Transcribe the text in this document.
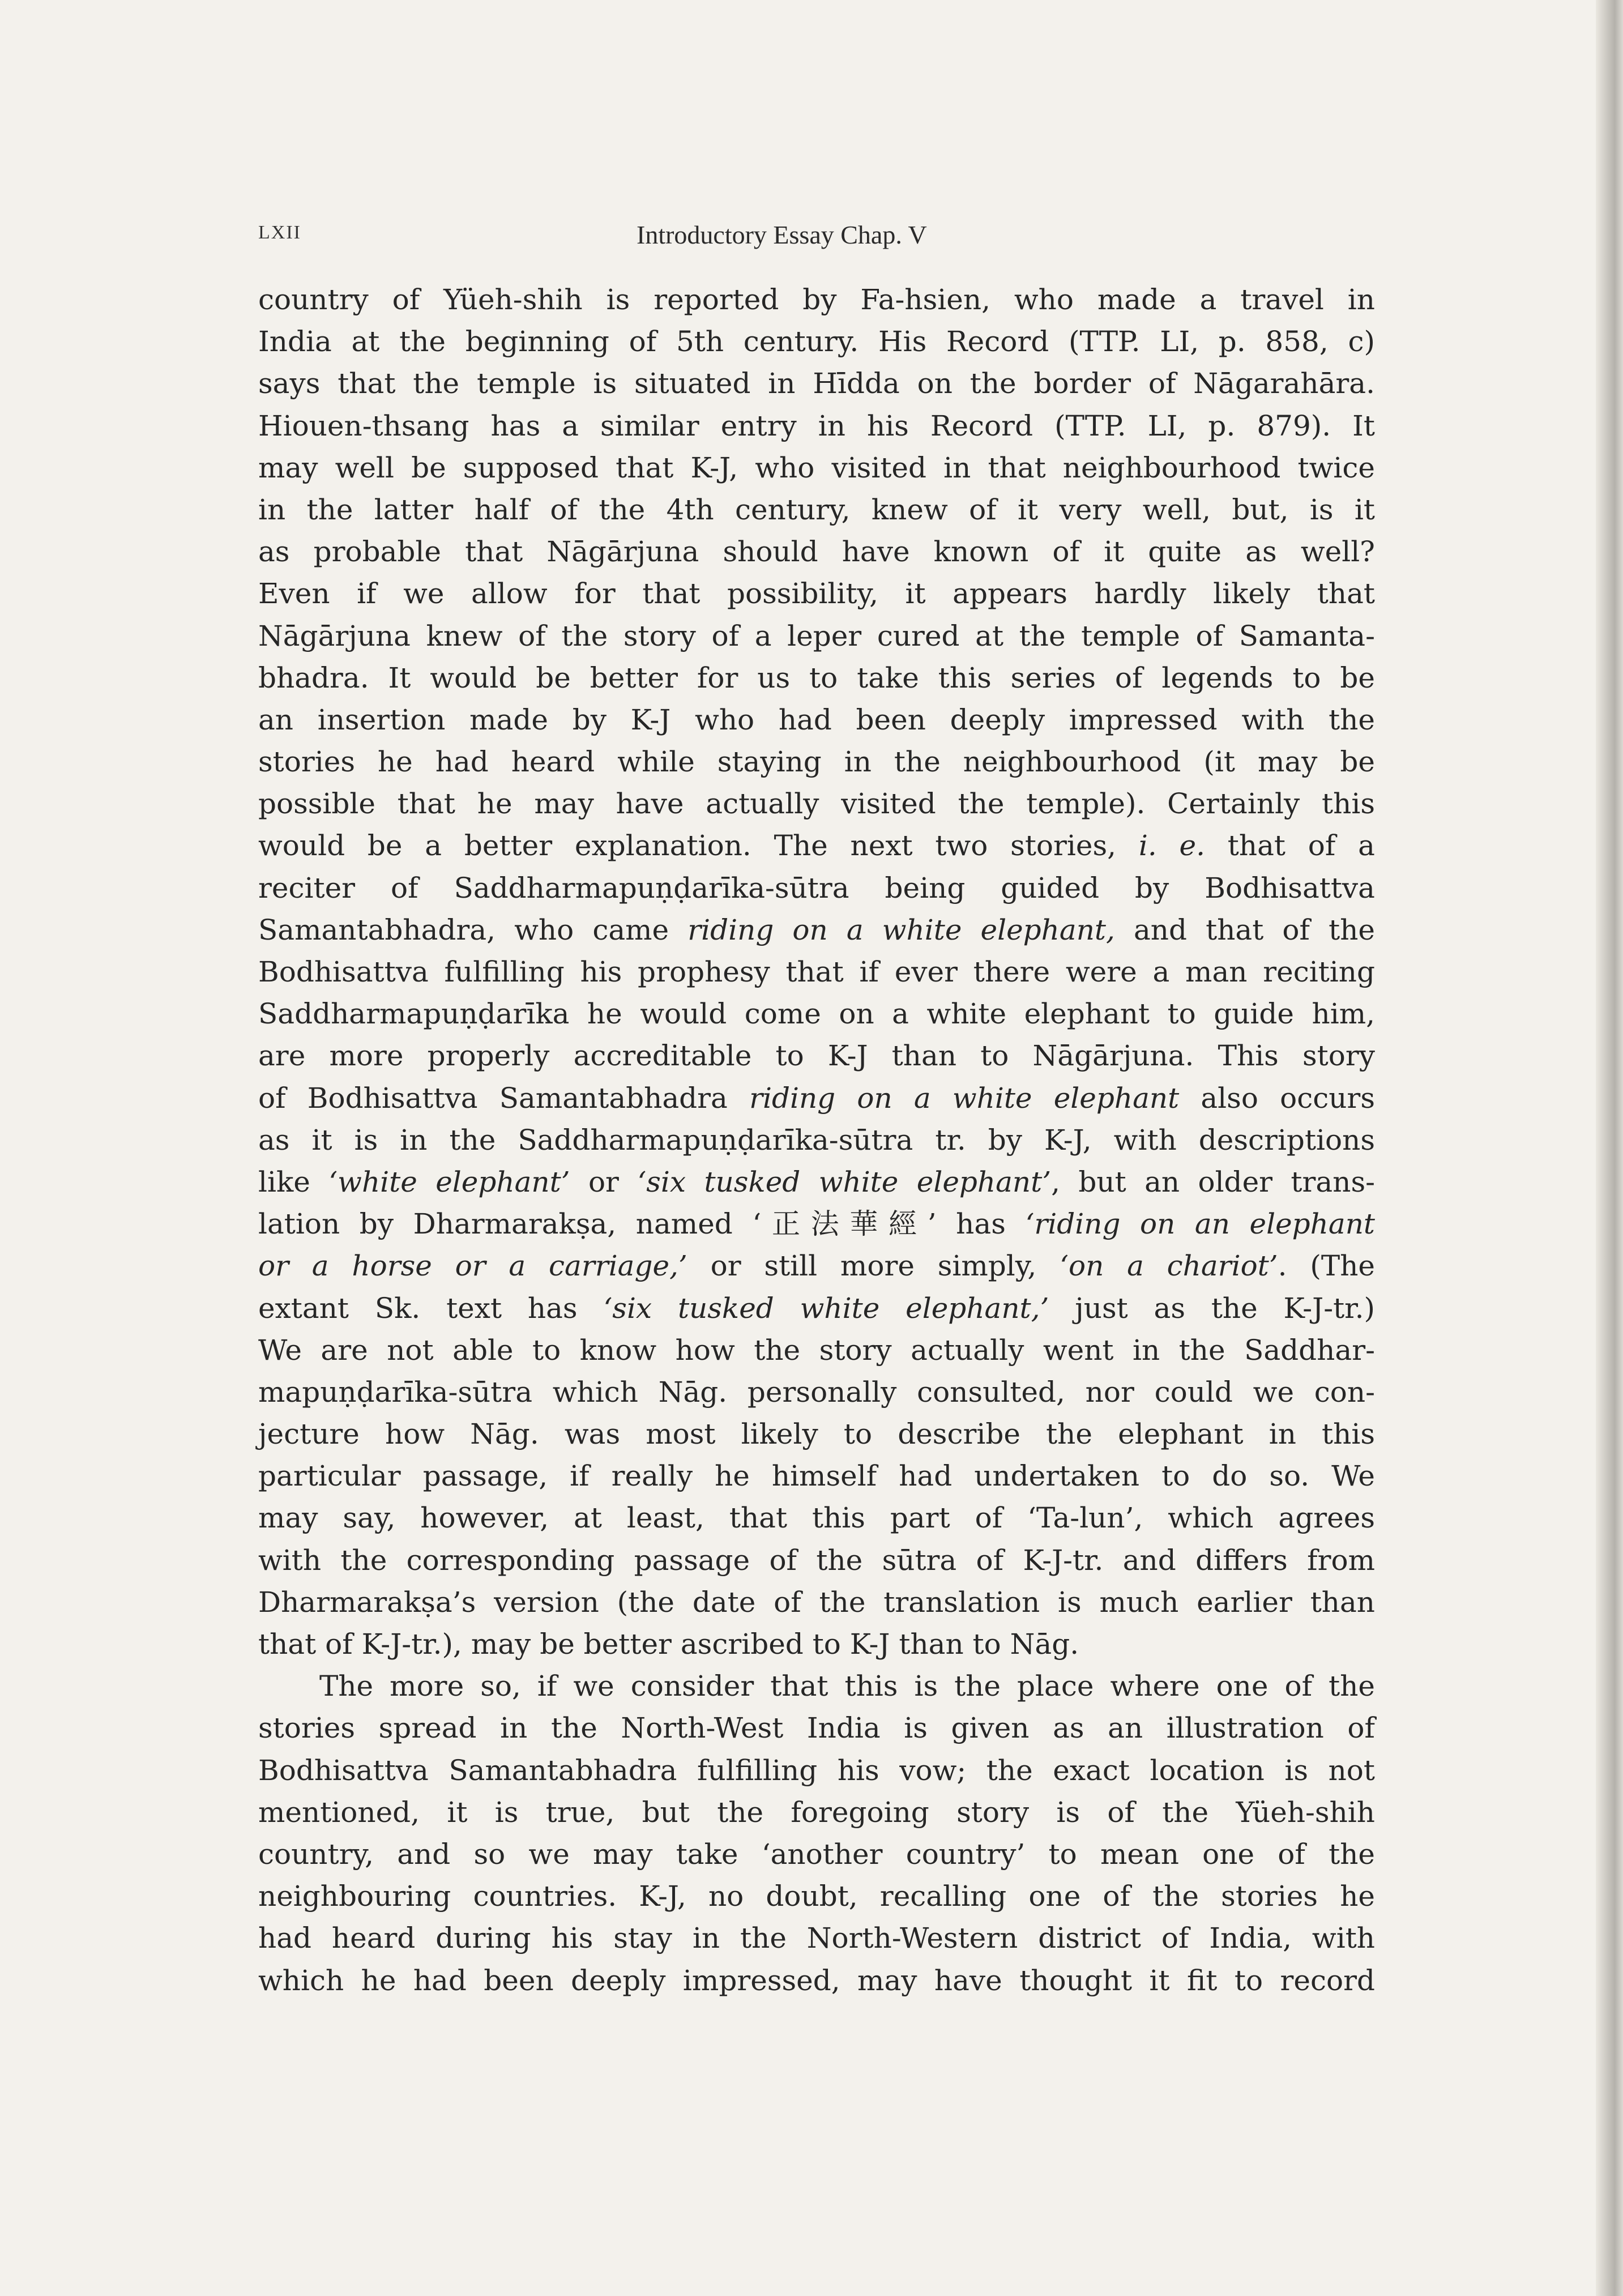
LXII	Introductory Essay Chap. V
country of Yüeh-shih is reported by Fa-hsien, who made a travel in
India at the beginning of 5th century. His Record (TTP. LI, p. 858, c)
says that the temple is situated in Hīdda on the border of Nāgarahāra.
Hiouen-thsang has a similar entry in his Record (TTP. LI, p. 879). It
may well be supposed that K-J, who visited in that neighbourhood twice
in the latter half of the 4th century, knew of it very well, but, is it
as probable that Nāgārjuna should have known of it quite as well?
Even if we allow for that possibility, it appears hardly likely that
Nāgārjuna knew of the story of a leper cured at the temple of Samanta-
bhadra. It would be better for us to take this series of legends to be
an insertion made by K-J who had been deeply impressed with the
stories he had heard while staying in the neighbourhood (it may be
possible that he may have actually visited the temple). Certainly this
would be a better explanation. The next two stories, i. e. that of a
reciter of Saddharmapuṇḍarīka-sūtra being guided by Bodhisattva
Samantabhadra, who came riding on a white elephant, and that of the
Bodhisattva fulfilling his prophesy that if ever there were a man reciting
Saddharmapuṇḍarīka he would come on a white elephant to guide him,
are more properly accreditable to K-J than to Nāgārjuna. This story
of Bodhisattva Samantabhadra riding on a white elephant also occurs
as it is in the Saddharmapuṇḍarīka-sūtra tr. by K-J, with descriptions
like ‘white elephant’ or ‘six tusked white elephant’, but an older trans-
lation by Dharmarakṣa, named ‘正法華經’ has ‘riding on an elephant
or a horse or a carriage,’ or still more simply, ‘on a chariot’. (The
extant Sk. text has ‘six tusked white elephant,’ just as the K-J-tr.)
We are not able to know how the story actually went in the Saddhar-
mapuṇḍarīka-sūtra which Nāg. personally consulted, nor could we con-
jecture how Nāg. was most likely to describe the elephant in this
particular passage, if really he himself had undertaken to do so. We
may say, however, at least, that this part of ‘Ta-lun’, which agrees
with the corresponding passage of the sūtra of K-J-tr. and differs from
Dharmarakṣa’s version (the date of the translation is much earlier than
that of K-J-tr.), may be better ascribed to K-J than to Nāg.
The more so, if we consider that this is the place where one of the
stories spread in the North-West India is given as an illustration of
Bodhisattva Samantabhadra fulfilling his vow; the exact location is not
mentioned, it is true, but the foregoing story is of the Yüeh-shih
country, and so we may take ‘another country’ to mean one of the
neighbouring countries. K-J, no doubt, recalling one of the stories he
had heard during his stay in the North-Western district of India, with
which he had been deeply impressed, may have thought it fit to record
